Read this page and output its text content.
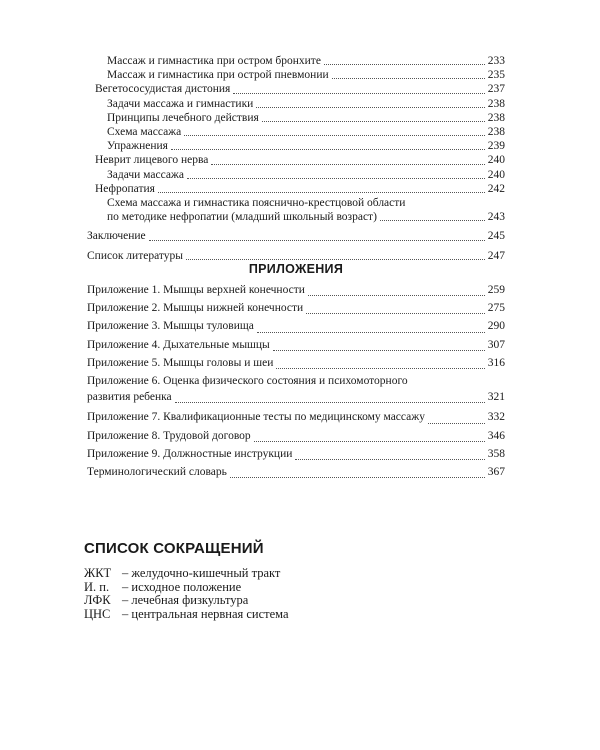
Массаж и гимнастика при остром бронхите	233
Массаж и гимнастика при острой пневмонии	235
Вегетососудистая дистония	237
Задачи массажа и гимнастики	238
Принципы лечебного действия	238
Схема массажа	238
Упражнения	239
Неврит лицевого нерва	240
Задачи массажа	240
Нефропатия	242
Схема массажа и гимнастика пояснично-крестцовой области
по методике нефропатии (младший школьный возраст)	243
Заключение	245
Список литературы	247
ПРИЛОЖЕНИЯ
Приложение 1. Мышцы верхней конечности	259
Приложение 2. Мышцы нижней конечности	275
Приложение 3. Мышцы туловища	290
Приложение 4. Дыхательные мышцы	307
Приложение 5. Мышцы головы и шеи	316
Приложение 6. Оценка физического состояния и психомоторного
развития ребенка	321
Приложение 7. Квалификационные тесты по медицинскому массажу	332
Приложение 8. Трудовой договор	346
Приложение 9. Должностные инструкции	358
Терминологический словарь	367
СПИСОК СОКРАЩЕНИЙ
ЖКТ – желудочно-кишечный тракт
И. п.	– исходное положение
ЛФК – лечебная физкультура
ЦНС – центральная нервная система
